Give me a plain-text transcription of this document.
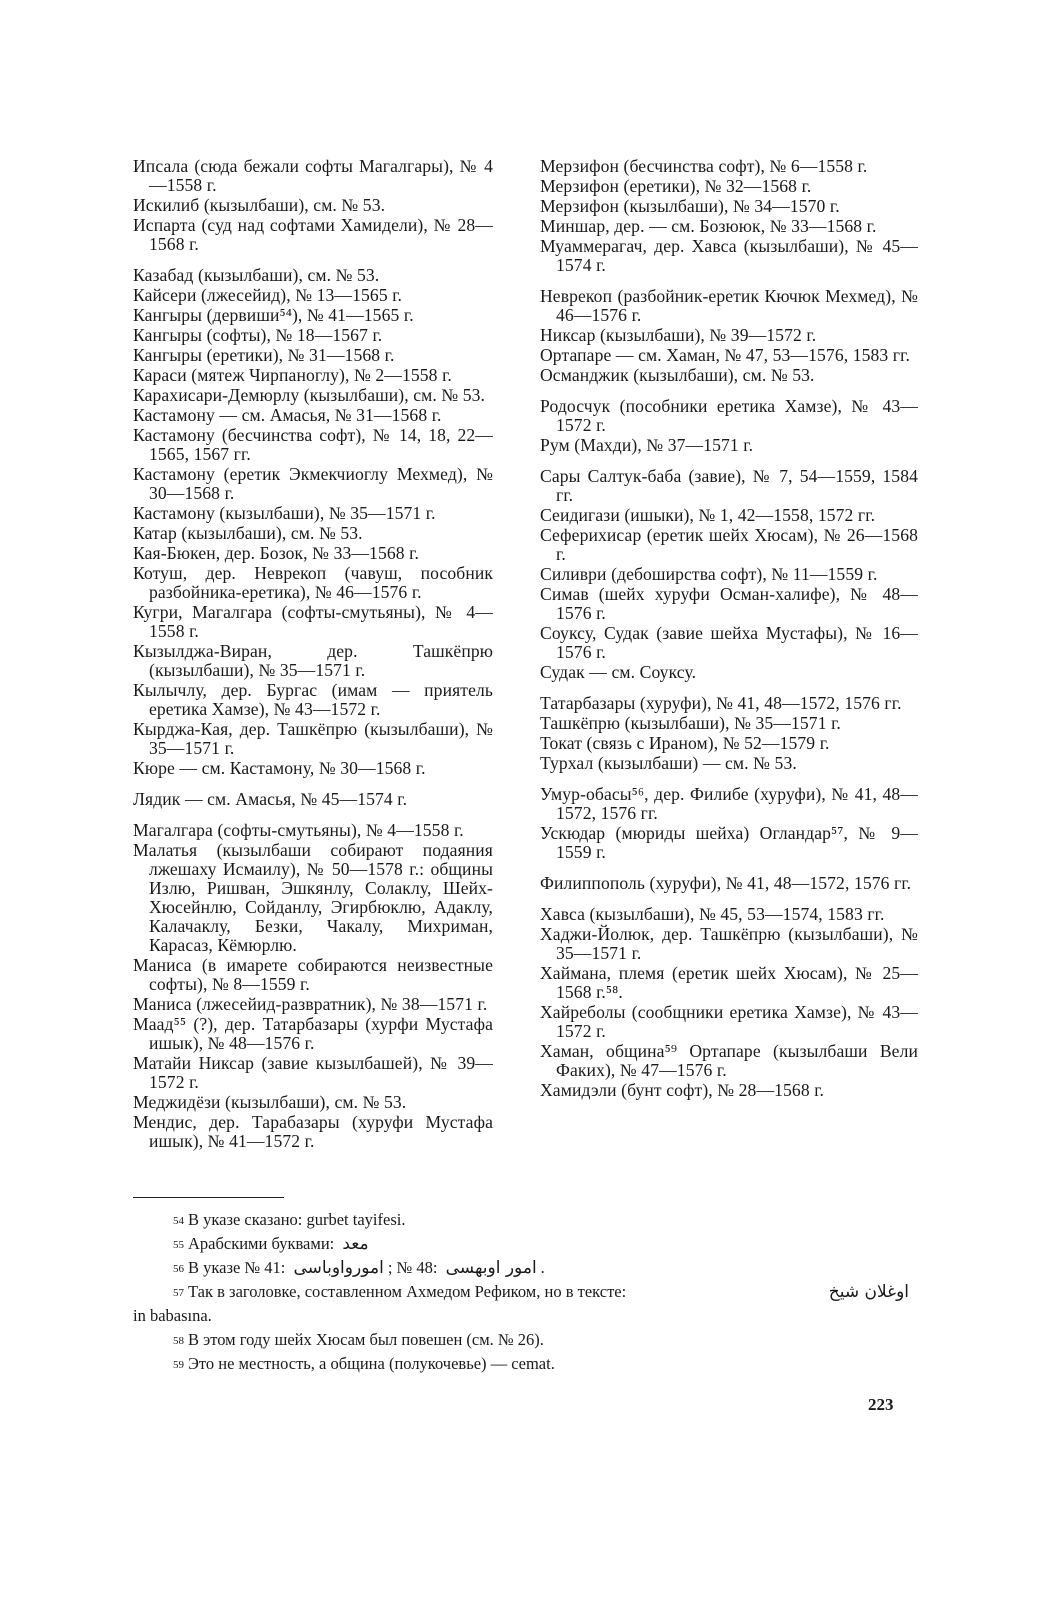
Ипсала (сюда бежали софты Магалгары), № 4—1558 г.

Искилиб (кызылбаши), см. № 53.

Испарта (суд над софтами Хамидели), № 28—1568 г.

Казабад (кызылбаши), см. № 53.

Кайсери (лжесейид), № 13—1565 г.

Кангыры (дервиши⁵⁴), № 41—1565 г.

Кангыры (софты), № 18—1567 г.

Кангыры (еретики), № 31—1568 г.

Караси (мятеж Чирпаноглу), № 2—1558 г.

Карахисари-Демюрлу (кызылбаши), см. № 53.

Кастамону — см. Амасья, № 31—1568 г.

Кастамону (бесчинства софт), № 14, 18, 22—1565, 1567 гг.

Кастамону (еретик Экмекчиоглу Мехмед), № 30—1568 г.

Кастамону (кызылбаши), № 35—1571 г.

Катар (кызылбаши), см. № 53.

Кая-Бюкен, дер. Бозок, № 33—1568 г.

Котуш, дер. Неврекоп (чавуш, пособник разбойника-еретика), № 46—1576 г.

Кугри, Магалгара (софты-смутьяны), № 4—1558 г.

Кызылджа-Виран, дер. Ташкёпрю (кызылбаши), № 35—1571 г.

Кылычлу, дер. Бургас (имам — приятель еретика Хамзе), № 43—1572 г.

Кырджа-Кая, дер. Ташкёпрю (кызылбаши), № 35—1571 г.

Кюре — см. Кастамону, № 30—1568 г.

Лядик — см. Амасья, № 45—1574 г.

Магалгара (софты-смутьяны), № 4—1558 г.

Малатья (кызылбаши собирают подаяния лжешаху Исмаилу), № 50—1578 г.: общины Излю, Ришван, Эшкянлу, Солаклу, Шейх-Хюсейнлю, Сойданлу, Эгирбюклю, Адаклу, Калачаклу, Безки, Чакалу, Михриман, Карасаз, Кёмюрлю.

Маниса (в имарете собираются неизвестные софты), № 8—1559 г.

Маниса (лжесейид-развратник), № 38—1571 г.

Маад⁵⁵ (?), дер. Татарбазары (хурфи Мустафа ишык), № 48—1576 г.

Матайи Никсар (завие кызылбашей), № 39—1572 г.

Меджидёзи (кызылбаши), см. № 53.

Мендис, дер. Тарабазары (хуруфи Мустафа ишык), № 41—1572 г.

Мерзифон (бесчинства софт), № 6—1558 г.

Мерзифон (еретики), № 32—1568 г.

Мерзифон (кызылбаши), № 34—1570 г.

Миншар, дер. — см. Бозююк, № 33—1568 г.

Муаммерагач, дер. Хавса (кызылбаши), № 45—1574 г.

Неврекоп (разбойник-еретик Кючюк Мехмед), № 46—1576 г.

Никсар (кызылбаши), № 39—1572 г.

Ортапаре — см. Хаман, № 47, 53—1576, 1583 гг.

Османджик (кызылбаши), см. № 53.

Родосчук (пособники еретика Хамзе), № 43—1572 г.

Рум (Махди), № 37—1571 г.

Сары Салтук-баба (завие), № 7, 54—1559, 1584 гг.

Сеидигази (ишыки), № 1, 42—1558, 1572 гг.

Сеферихисар (еретик шейх Хюсам), № 26—1568 г.

Силиври (дебоширства софт), № 11—1559 г.

Симав (шейх хуруфи Осман-халифе), № 48—1576 г.

Соуксу, Судак (завие шейха Мустафы), № 16—1576 г.

Судак — см. Соуксу.

Татарбазары (хуруфи), № 41, 48—1572, 1576 гг.

Ташкёпрю (кызылбаши), № 35—1571 г.

Токат (связь с Ираном), № 52—1579 г.

Турхал (кызылбаши) — см. № 53.

Умур-обасы⁵⁶, дер. Филибе (хуруфи), № 41, 48—1572, 1576 гг.

Ускюдар (мюриды шейха) Огландар⁵⁷, № 9—1559 г.

Филиппополь (хуруфи), № 41, 48—1572, 1576 гг.

Хавса (кызылбаши), № 45, 53—1574, 1583 гг.

Хаджи-Йолюк, дер. Ташкёпрю (кызылбаши), № 35—1571 г.

Хаймана, племя (еретик шейх Хюсам), № 25—1568 г.⁵⁸.

Хайреболы (сообщники еретика Хамзе), № 43—1572 г.

Хаман, община⁵⁹ Ортапаре (кызылбаши Вели Факих), № 47—1576 г.

Хамидэли (бунт софт), № 28—1568 г.

$^{54}$ В указе сказано: gurbet tayifesi.

$^{55}$ Арабскими буквами: معد

$^{56}$ В указе № 41: امورواوباسی ; № 48: امور اوبهسی .

$^{57}$ Так в заголовке, составленном Ахмедом Рефиком, но в тексте:	اوغلان شیخ

in babasına.

$^{58}$ В этом году шейх Хюсам был повешен (см. № 26).

$^{59}$ Это не местность, а община (полукочевье) — cemat.

223
